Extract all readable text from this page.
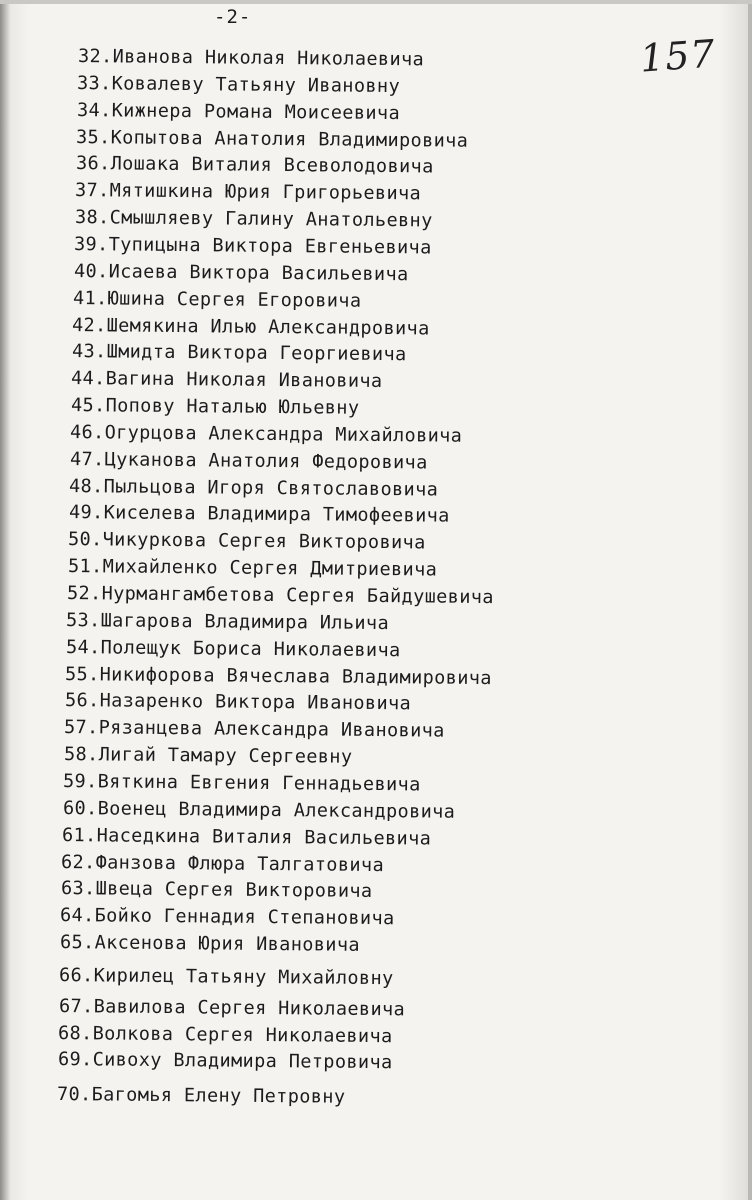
-2-
157
32.Иванова Николая Николаевича
33.Ковалеву Татьяну Ивановну
34.Кижнера Романа Моисеевича
35.Копытова Анатолия Владимировича
36.Лошака Виталия Всеволодовича
37.Мятишкина Юрия Григорьевича
38.Смышляеву Галину Анатольевну
39.Тупицына Виктора Евгеньевича
40.Исаева Виктора Васильевича
41.Юшина Сергея Егоровича
42.Шемякина Илью Александровича
43.Шмидта Виктора Георгиевича
44.Вагина Николая Ивановича
45.Попову Наталью Юльевну
46.Огурцова Александра Михайловича
47.Цуканова Анатолия Федоровича
48.Пыльцова Игоря Святославовича
49.Киселева Владимира Тимофеевича
50.Чикуркова Сергея Викторовича
51.Михайленко Сергея Дмитриевича
52.Нурмангамбетова Сергея Байдушевича
53.Шагарова Владимира Ильича
54.Полещук Бориса Николаевича
55.Никифорова Вячеслава Владимировича
56.Назаренко Виктора Ивановича
57.Рязанцева Александра Ивановича
58.Лигай Тамару Сергеевну
59.Вяткина Евгения Геннадьевича
60.Военец Владимира Александровича
61.Наседкина Виталия Васильевича
62.Фанзова Флюра Талгатовича
63.Швеца Сергея Викторовича
64.Бойко Геннадия Степановича
65.Аксенова Юрия Ивановича
66.Кирилец Татьяну Михайловну
67.Вавилова Сергея Николаевича
68.Волкова Сергея Николаевича
69.Сивоху Владимира Петровича
70.Багомья Елену Петровну
